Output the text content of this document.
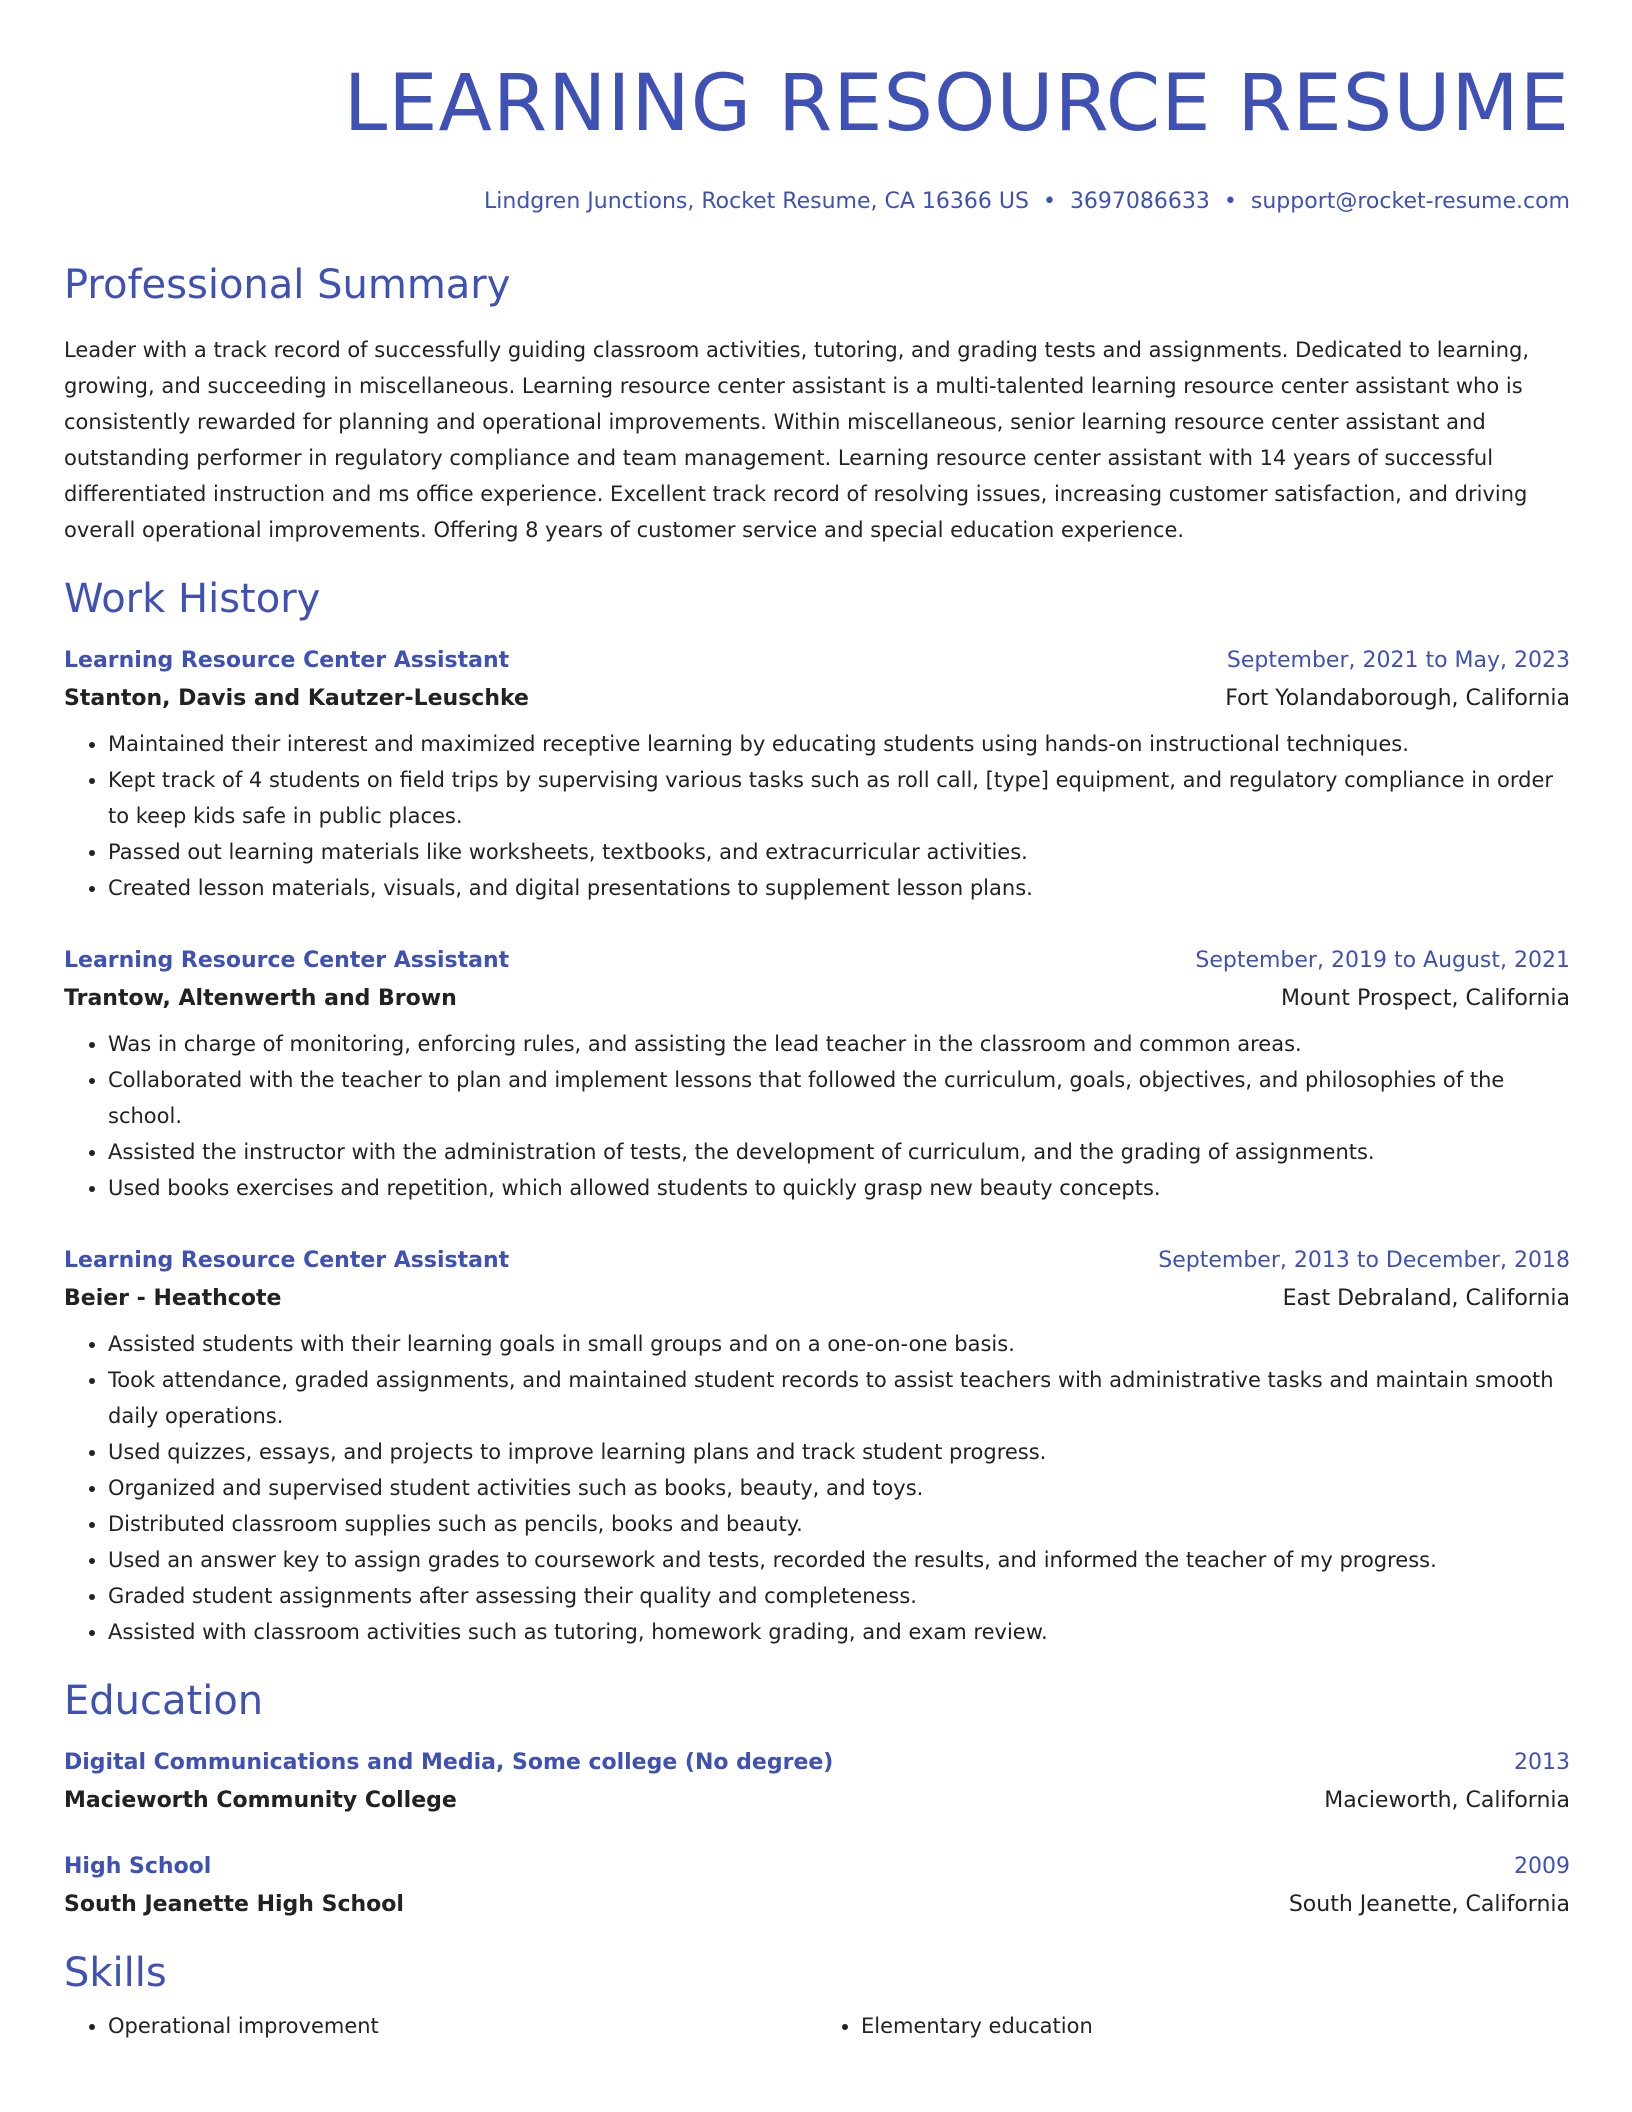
LEARNING RESOURCE RESUME
Lindgren Junctions, Rocket Resume, CA 16366 US • 3697086633 • support@rocket-resume.com
Professional Summary
Leader with a track record of successfully guiding classroom activities, tutoring, and grading tests and assignments. Dedicated to learning, growing, and succeeding in miscellaneous. Learning resource center assistant is a multi-talented learning resource center assistant who is consistently rewarded for planning and operational improvements. Within miscellaneous, senior learning resource center assistant and outstanding performer in regulatory compliance and team management. Learning resource center assistant with 14 years of successful differentiated instruction and ms office experience. Excellent track record of resolving issues, increasing customer satisfaction, and driving overall operational improvements. Offering 8 years of customer service and special education experience.
Work History
Learning Resource Center Assistant	September, 2021 to May, 2023
Stanton, Davis and Kautzer-Leuschke	Fort Yolandaborough, California
• Maintained their interest and maximized receptive learning by educating students using hands-on instructional techniques.
• Kept track of 4 students on field trips by supervising various tasks such as roll call, [type] equipment, and regulatory compliance in order to keep kids safe in public places.
• Passed out learning materials like worksheets, textbooks, and extracurricular activities.
• Created lesson materials, visuals, and digital presentations to supplement lesson plans.
Learning Resource Center Assistant	September, 2019 to August, 2021
Trantow, Altenwerth and Brown	Mount Prospect, California
• Was in charge of monitoring, enforcing rules, and assisting the lead teacher in the classroom and common areas.
• Collaborated with the teacher to plan and implement lessons that followed the curriculum, goals, objectives, and philosophies of the school.
• Assisted the instructor with the administration of tests, the development of curriculum, and the grading of assignments.
• Used books exercises and repetition, which allowed students to quickly grasp new beauty concepts.
Learning Resource Center Assistant	September, 2013 to December, 2018
Beier - Heathcote	East Debraland, California
• Assisted students with their learning goals in small groups and on a one-on-one basis.
• Took attendance, graded assignments, and maintained student records to assist teachers with administrative tasks and maintain smooth daily operations.
• Used quizzes, essays, and projects to improve learning plans and track student progress.
• Organized and supervised student activities such as books, beauty, and toys.
• Distributed classroom supplies such as pencils, books and beauty.
• Used an answer key to assign grades to coursework and tests, recorded the results, and informed the teacher of my progress.
• Graded student assignments after assessing their quality and completeness.
• Assisted with classroom activities such as tutoring, homework grading, and exam review.
Education
Digital Communications and Media, Some college (No degree)	2013
Macieworth Community College	Macieworth, California
High School	2009
South Jeanette High School	South Jeanette, California
Skills
• Operational improvement
•	Elementary education
